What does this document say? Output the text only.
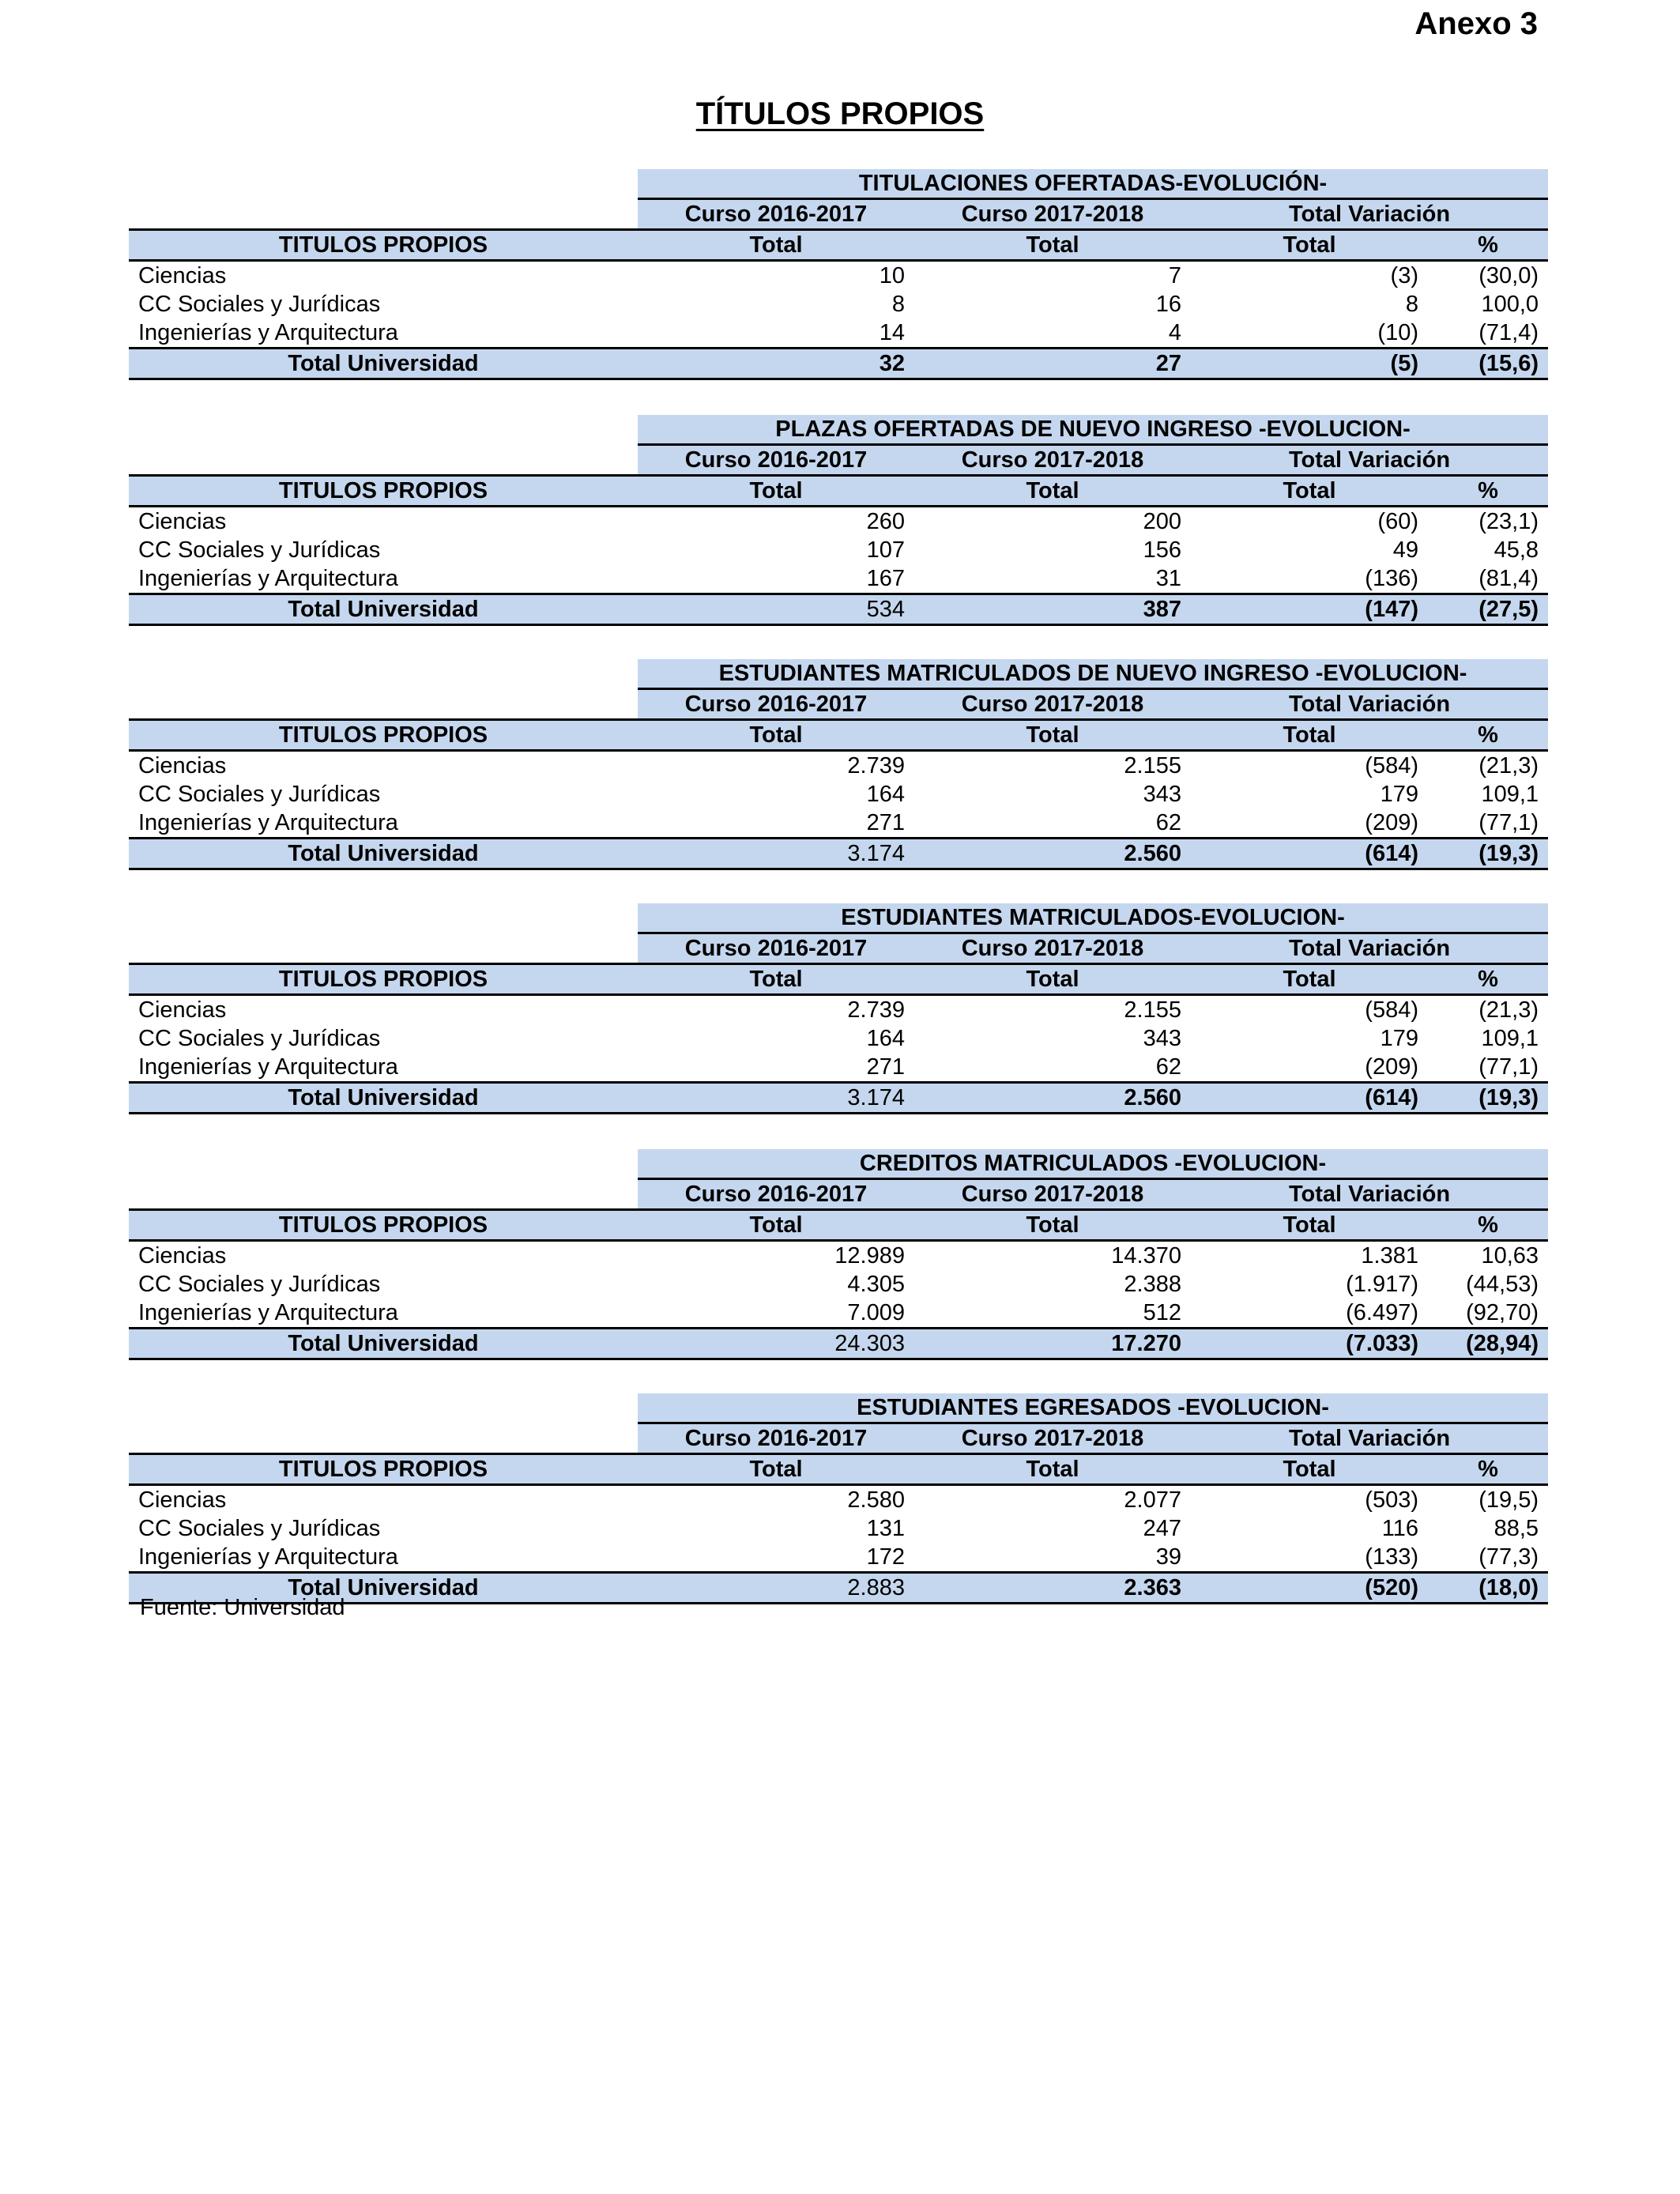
Anexo 3
TÍTULOS PROPIOS
	TITULACIONES OFERTADAS-EVOLUCIÓN-			
	Curso 2016-2017	Curso 2017-2018	Total Variación	
TITULOS PROPIOS	Total	Total	Total	%
Ciencias	10	7	(3)	(30,0)
CC Sociales y Jurídicas	8	16	8	100,0
Ingenierías y Arquitectura	14	4	(10)	(71,4)
Total Universidad	32	27	(5)	(15,6)
	PLAZAS OFERTADAS DE NUEVO INGRESO -EVOLUCION-			
	Curso 2016-2017	Curso 2017-2018	Total Variación	
TITULOS PROPIOS	Total	Total	Total	%
Ciencias	260	200	(60)	(23,1)
CC Sociales y Jurídicas	107	156	49	45,8
Ingenierías y Arquitectura	167	31	(136)	(81,4)
Total Universidad	534	387	(147)	(27,5)
	ESTUDIANTES MATRICULADOS DE NUEVO INGRESO -EVOLUCION-			
	Curso 2016-2017	Curso 2017-2018	Total Variación	
TITULOS PROPIOS	Total	Total	Total	%
Ciencias	2.739	2.155	(584)	(21,3)
CC Sociales y Jurídicas	164	343	179	109,1
Ingenierías y Arquitectura	271	62	(209)	(77,1)
Total Universidad	3.174	2.560	(614)	(19,3)
	ESTUDIANTES MATRICULADOS-EVOLUCION-			
	Curso 2016-2017	Curso 2017-2018	Total Variación	
TITULOS PROPIOS	Total	Total	Total	%
Ciencias	2.739	2.155	(584)	(21,3)
CC Sociales y Jurídicas	164	343	179	109,1
Ingenierías y Arquitectura	271	62	(209)	(77,1)
Total Universidad	3.174	2.560	(614)	(19,3)
	CREDITOS MATRICULADOS -EVOLUCION-			
	Curso 2016-2017	Curso 2017-2018	Total Variación	
TITULOS PROPIOS	Total	Total	Total	%
Ciencias	12.989	14.370	1.381	10,63
CC Sociales y Jurídicas	4.305	2.388	(1.917)	(44,53)
Ingenierías y Arquitectura	7.009	512	(6.497)	(92,70)
Total Universidad	24.303	17.270	(7.033)	(28,94)
	ESTUDIANTES EGRESADOS -EVOLUCION-			
	Curso 2016-2017	Curso 2017-2018	Total Variación	
TITULOS PROPIOS	Total	Total	Total	%
Ciencias	2.580	2.077	(503)	(19,5)
CC Sociales y Jurídicas	131	247	116	88,5
Ingenierías y Arquitectura	172	39	(133)	(77,3)
Total Universidad	2.883	2.363	(520)	(18,0)
Fuente: Universidad
